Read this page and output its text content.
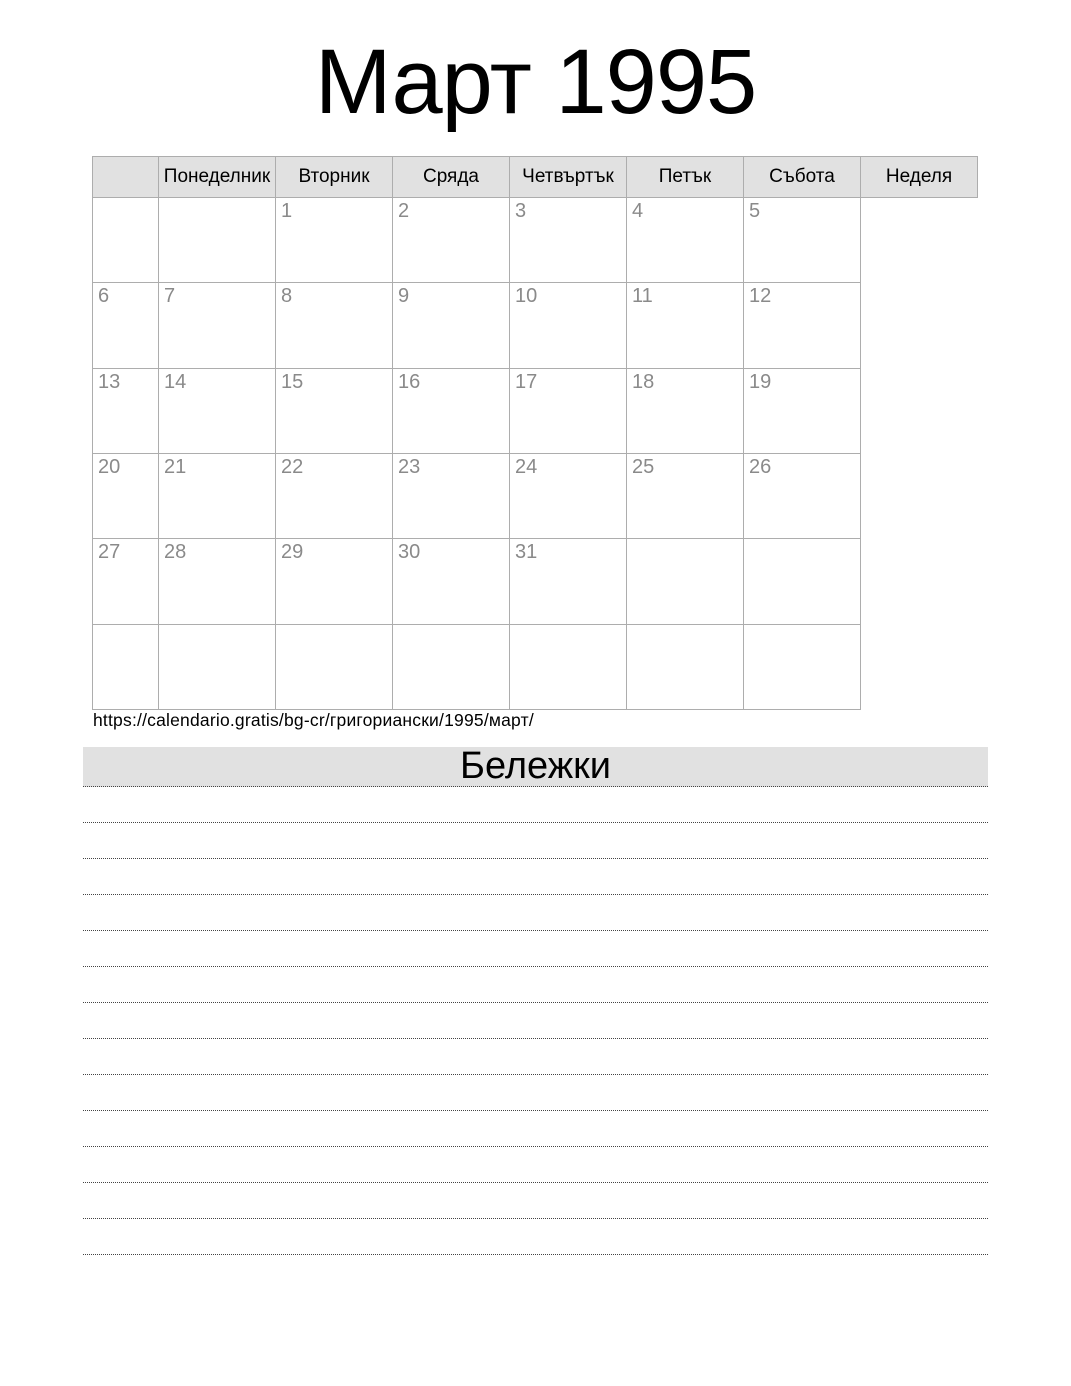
Март 1995
	Понеделник	Вторник	Сряда	Четвъртък	Петък	Събота	Неделя
		1	2	3	4	5	
6	7	8	9	10	11	12	
13	14	15	16	17	18	19	
20	21	22	23	24	25	26	
27	28	29	30	31			

https://calendario.gratis/bg-cr/григориански/1995/март/
Бележки
